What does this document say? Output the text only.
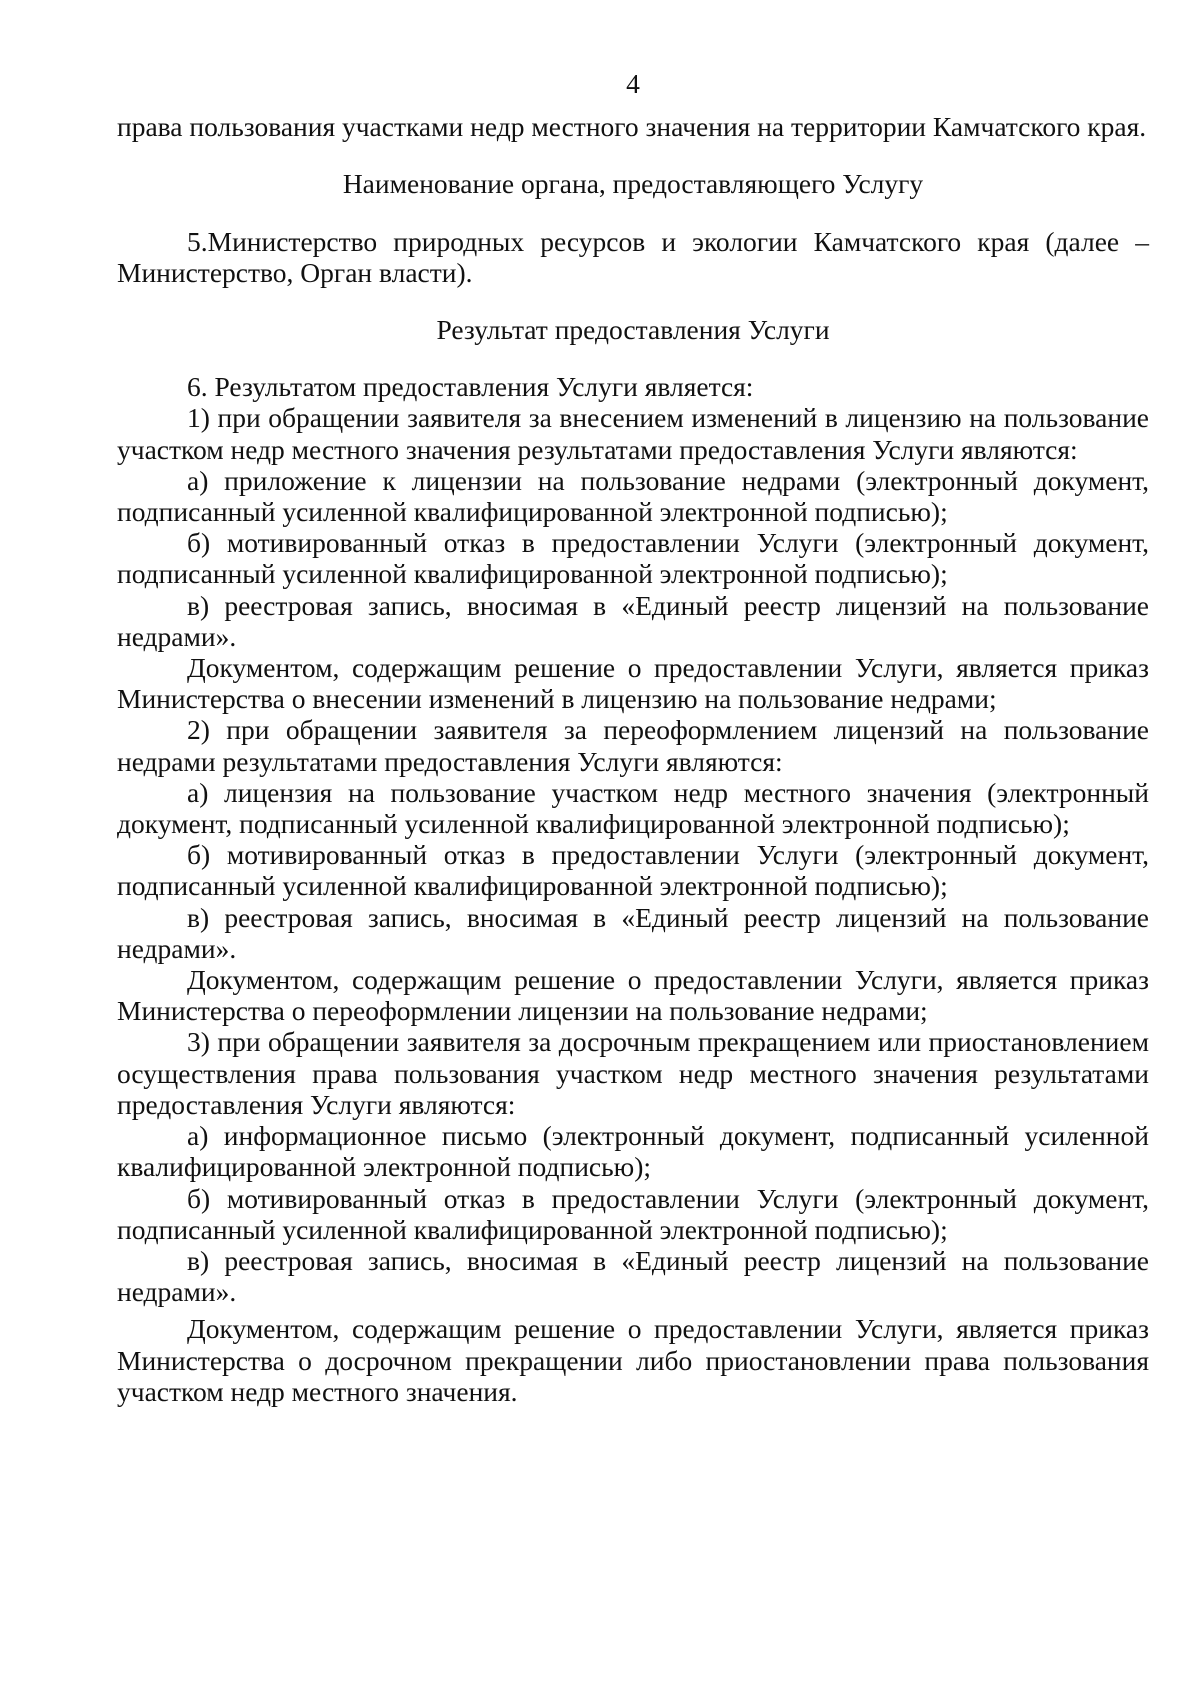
4

права пользования участками недр местного значения на территории Камчатского края.

Наименование органа, предоставляющего Услугу

5.Министерство природных ресурсов и экологии Камчатского края (далее – Министерство, Орган власти).

Результат предоставления Услуги

6. Результатом предоставления Услуги является:

1) при обращении заявителя за внесением изменений в лицензию на пользование участком недр местного значения результатами предоставления Услуги являются:

а) приложение к лицензии на пользование недрами (электронный документ, подписанный усиленной квалифицированной электронной подписью);

б) мотивированный отказ в предоставлении Услуги (электронный документ, подписанный усиленной квалифицированной электронной подписью);

в) реестровая запись, вносимая в «Единый реестр лицензий на пользование недрами».

Документом, содержащим решение о предоставлении Услуги, является приказ Министерства о внесении изменений в лицензию на пользование недрами;

2) при обращении заявителя за переоформлением лицензий на пользование недрами результатами предоставления Услуги являются:

а) лицензия на пользование участком недр местного значения (электронный документ, подписанный усиленной квалифицированной электронной подписью);

б) мотивированный отказ в предоставлении Услуги (электронный документ, подписанный усиленной квалифицированной электронной подписью);

в) реестровая запись, вносимая в «Единый реестр лицензий на пользование недрами».

Документом, содержащим решение о предоставлении Услуги, является приказ Министерства о переоформлении лицензии на пользование недрами;

3) при обращении заявителя за досрочным прекращением или приостановлением осуществления права пользования участком недр местного значения результатами предоставления Услуги являются:

а) информационное письмо (электронный документ, подписанный усиленной квалифицированной электронной подписью);

б) мотивированный отказ в предоставлении Услуги (электронный документ, подписанный усиленной квалифицированной электронной подписью);

в) реестровая запись, вносимая в «Единый реестр лицензий на пользование недрами».

Документом, содержащим решение о предоставлении Услуги, является приказ Министерства о досрочном прекращении либо приостановлении права пользования участком недр местного значения.
